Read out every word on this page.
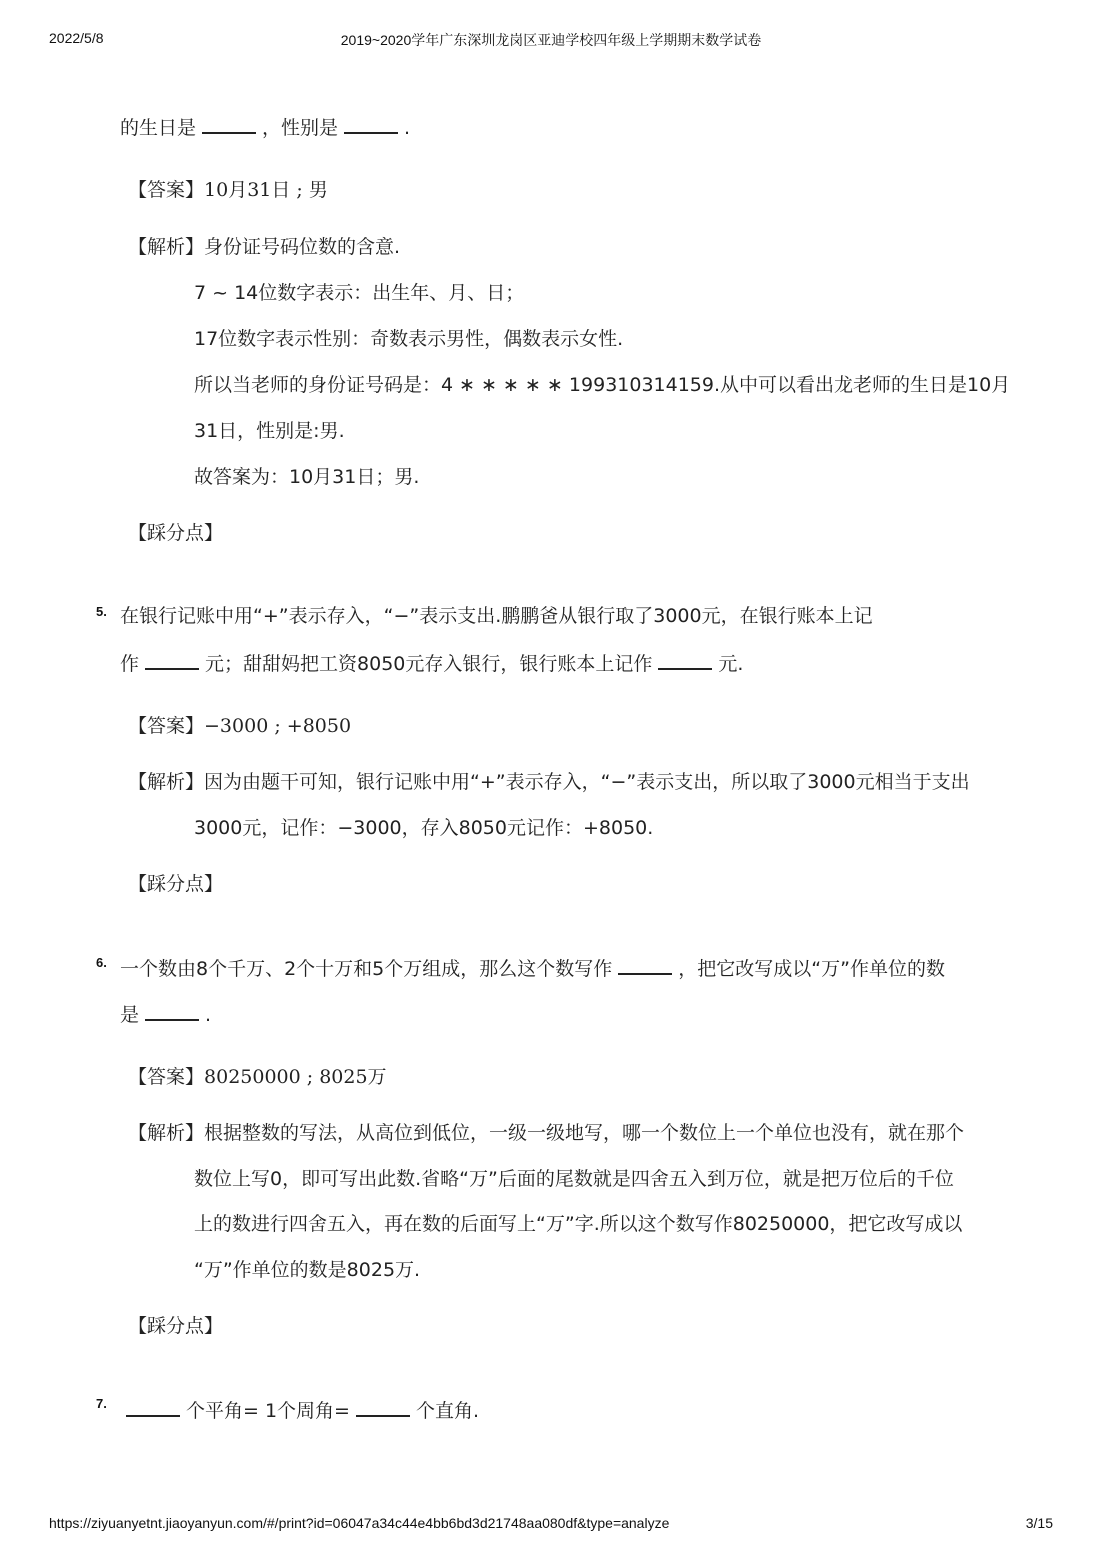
2022/5/8	2019~2020学年广东深圳龙岗区亚迪学校四年级上学期期末数学试卷
的生日是	，性别是	.
【答案】10月31日 ; 男
【解析】身份证号码位数的含意.
7 ~ 14位数字表示：出生年、月、日；
17位数字表示性别：奇数表示男性，偶数表示女性.
所以当老师的身份证号码是：4 ∗ ∗ ∗ ∗ ∗ 199310314159.从中可以看出龙老师的生日是10月
31日，性别是:男.
故答案为：10月31日；男.
【踩分点】
5. 在银行记账中用“+”表示存入，“−”表示支出.鹏鹏爸从银行取了3000元，在银行账本上记
作	元；甜甜妈把工资8050元存入银行，银行账本上记作	元.
【答案】−3000 ; +8050
【解析】因为由题干可知，银行记账中用“+”表示存入，“−”表示支出，所以取了3000元相当于支出
3000元，记作：−3000，存入8050元记作：+8050.
【踩分点】
6. 一个数由8个千万、2个十万和5个万组成，那么这个数写作	，把它改写成以“万”作单位的数
是	.
【答案】80250000 ; 8025万
【解析】根据整数的写法，从高位到低位，一级一级地写，哪一个数位上一个单位也没有，就在那个
数位上写0，即可写出此数.省略“万”后面的尾数就是四舍五入到万位，就是把万位后的千位
上的数进行四舍五入，再在数的后面写上“万”字.所以这个数写作80250000，把它改写成以
“万”作单位的数是8025万.
【踩分点】
7.	个平角= 1个周角=	个直角.
https://ziyuanyetnt.jiaoyanyun.com/#/print?id=06047a34c44e4bb6bd3d21748aa080df&type=analyze	3/15
